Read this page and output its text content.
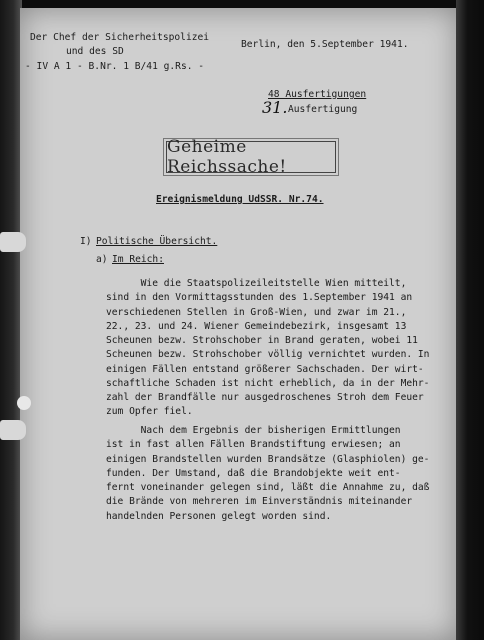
Der Chef der Sicherheitspolizei
und des SD
- IV A 1 - B.Nr. 1 B/41 g.Rs. -
Berlin, den 5.September 1941.
48 Ausfertigungen
31. Ausfertigung
Geheime Reichssache!
Ereignismeldung UdSSR. Nr.74.
I) Politische Übersicht.
a) Im Reich:
Wie die Staatspolizeileitstelle Wien mitteilt,
sind in den Vormittagsstunden des 1.September 1941 an
verschiedenen Stellen in Groß-Wien, und zwar im 21.,
22., 23. und 24. Wiener Gemeindebezirk, insgesamt 13
Scheunen bezw. Strohschober in Brand geraten, wobei 11
Scheunen bezw. Strohschober völlig vernichtet wurden. In
einigen Fällen entstand größerer Sachschaden. Der wirt-
schaftliche Schaden ist nicht erheblich, da in der Mehr-
zahl der Brandfälle nur ausgedroschenes Stroh dem Feuer
zum Opfer fiel.
Nach dem Ergebnis der bisherigen Ermittlungen
ist in fast allen Fällen Brandstiftung erwiesen; an
einigen Brandstellen wurden Brandsätze (Glasphiolen) ge-
funden. Der Umstand, daß die Brandobjekte weit ent-
fernt voneinander gelegen sind, läßt die Annahme zu, daß
die Brände von mehreren im Einverständnis miteinander
handelnden Personen gelegt worden sind.
